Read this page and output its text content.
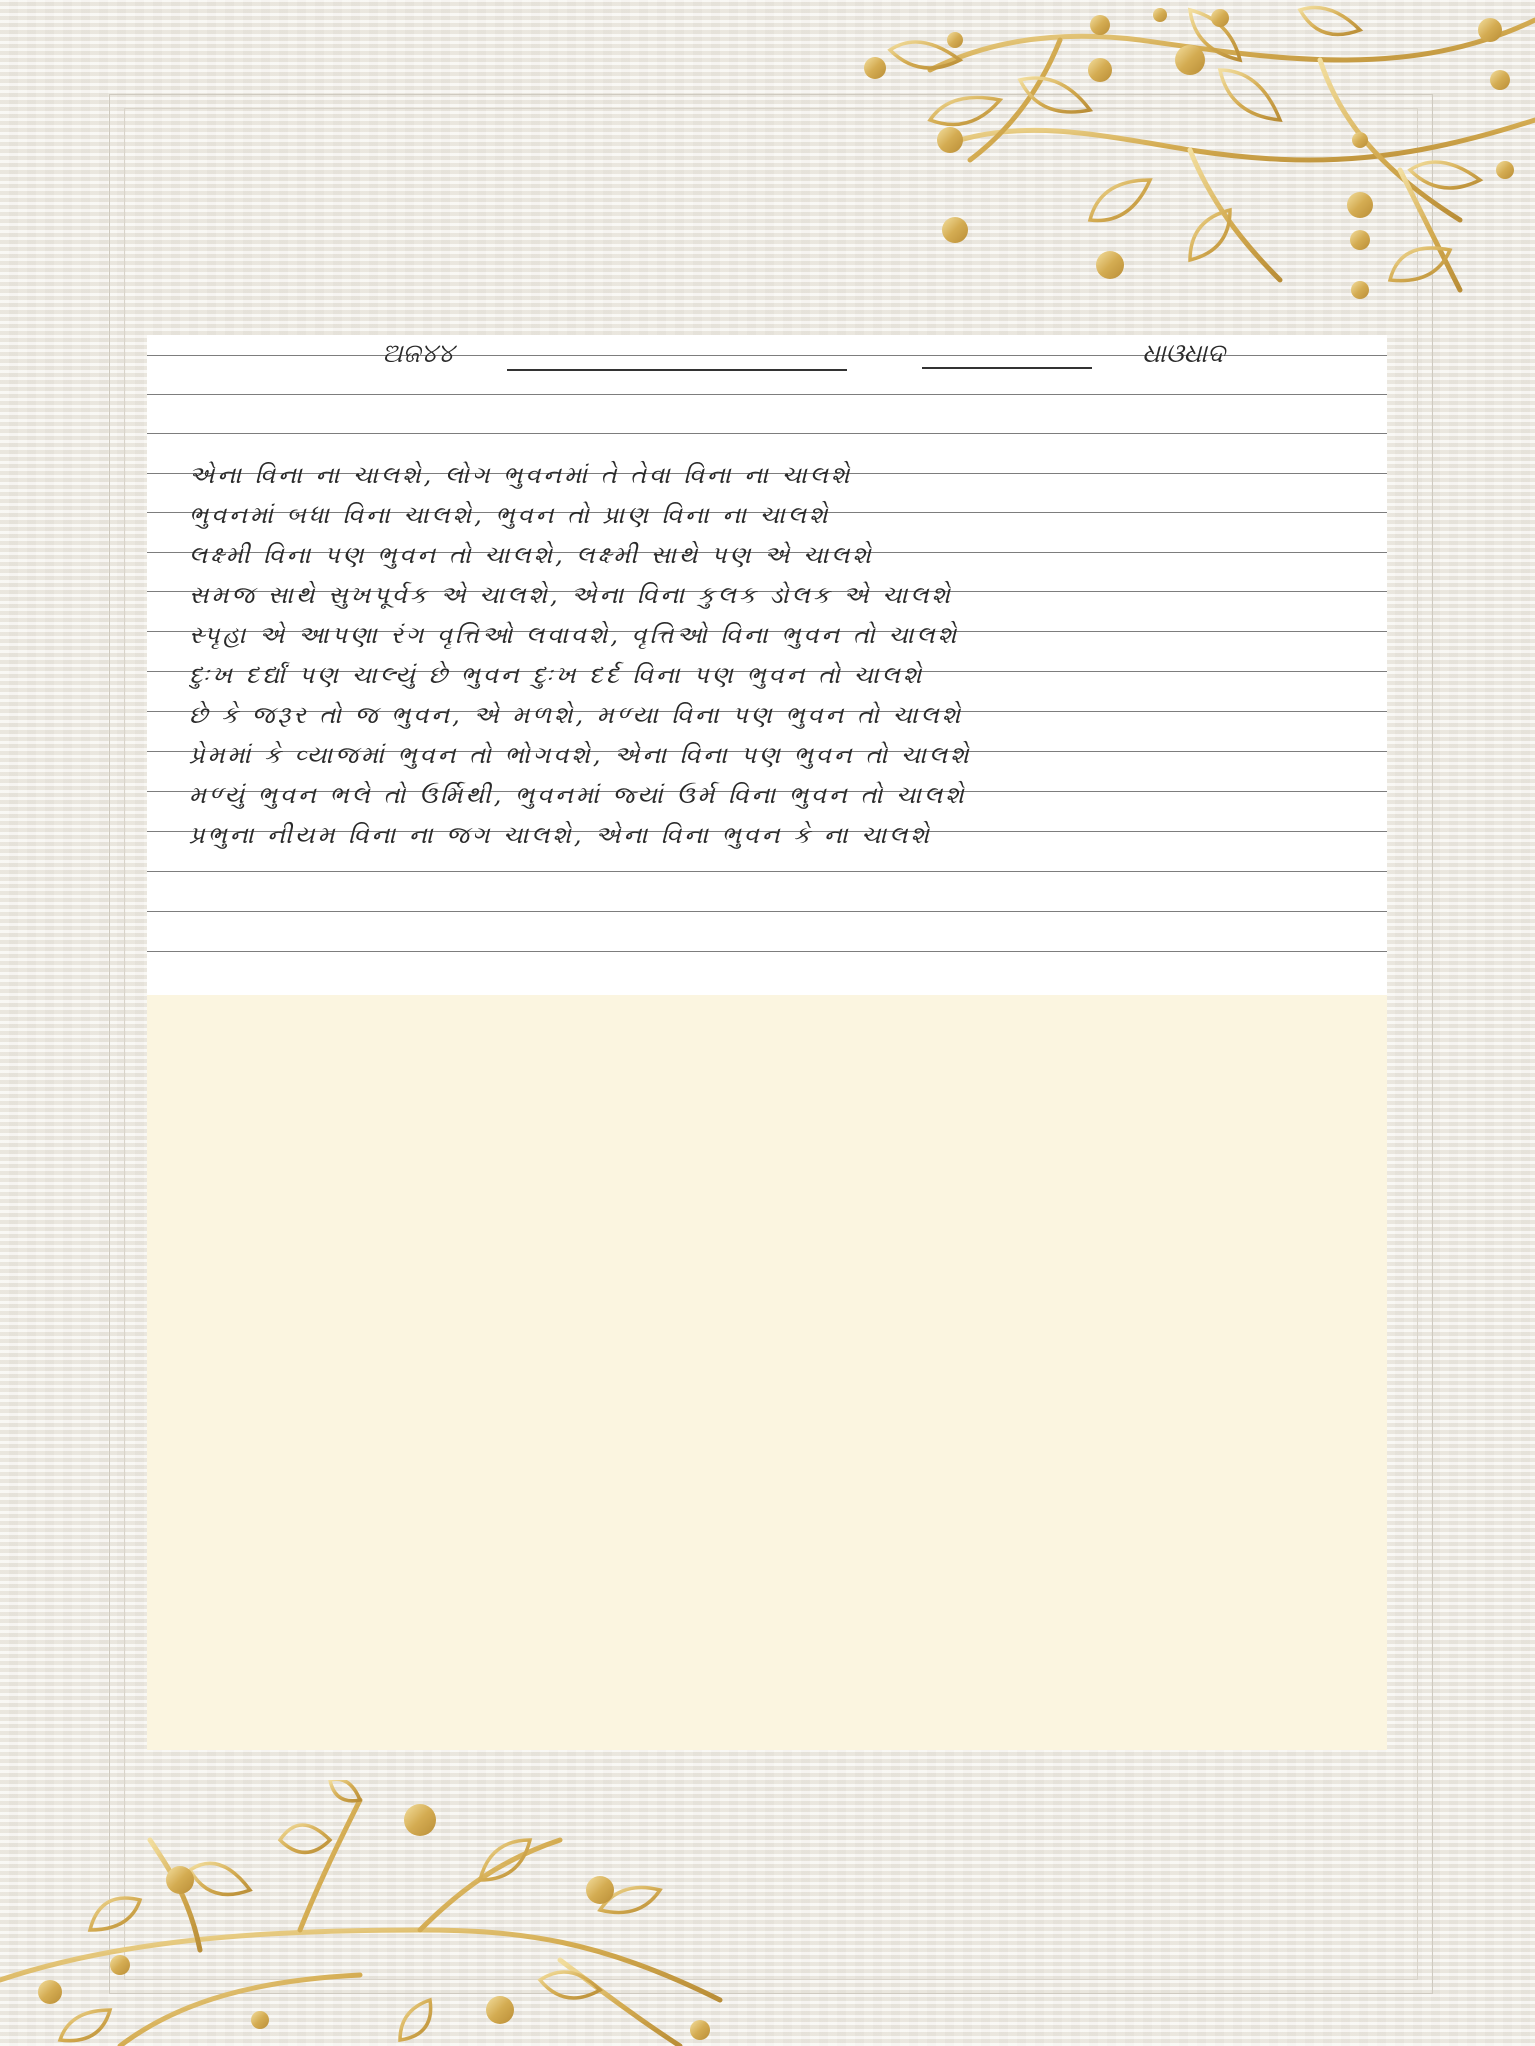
ଅଜ୪୪	ଧାଓଧାଦ
એના વિના ના ચાલશે, લોગ ભુવનમાં તે તેવા વિના ના ચાલશે
ભુવનમાં બધા વિના ચાલશે, ભુવન તો પ્રાણ વિના ના ચાલશે
લક્ષ્મી વિના પણ ભુવન તો ચાલશે, લક્ષ્મી સાથે પણ એ ચાલશે
સમજ સાથે સુખપૂર્વક એ ચાલશે, એના વિના કુલક ડોલક એ ચાલશે
સ્પૃહા એ આપણા રંગ વૃત્તિઓ લવાવશે, વૃત્તિઓ વિના ભુવન તો ચાલશે
દુઃખ દર્દ્યાં પણ ચાલ્યું છે ભુવન દુઃખ દર્દ વિના પણ ભુવન તો ચાલશે
છે કે જરૂર તો જ ભુવન, એ મળશે, મળ્યા વિના પણ ભુવન તો ચાલશે
પ્રેમમાં કે વ્યાજમાં ભુવન તો ભોગવશે, એના વિના પણ ભુવન તો ચાલશે
મળ્યું ભુવન ભલે તો ઉર્મિથી, ભુવનમાં જ્યાં ઉર્મ વિના ભુવન તો ચાલશે
પ્રભુના નીયમ વિના ના જગ ચાલશે, એના વિના ભુવન કે ના ચાલશે
